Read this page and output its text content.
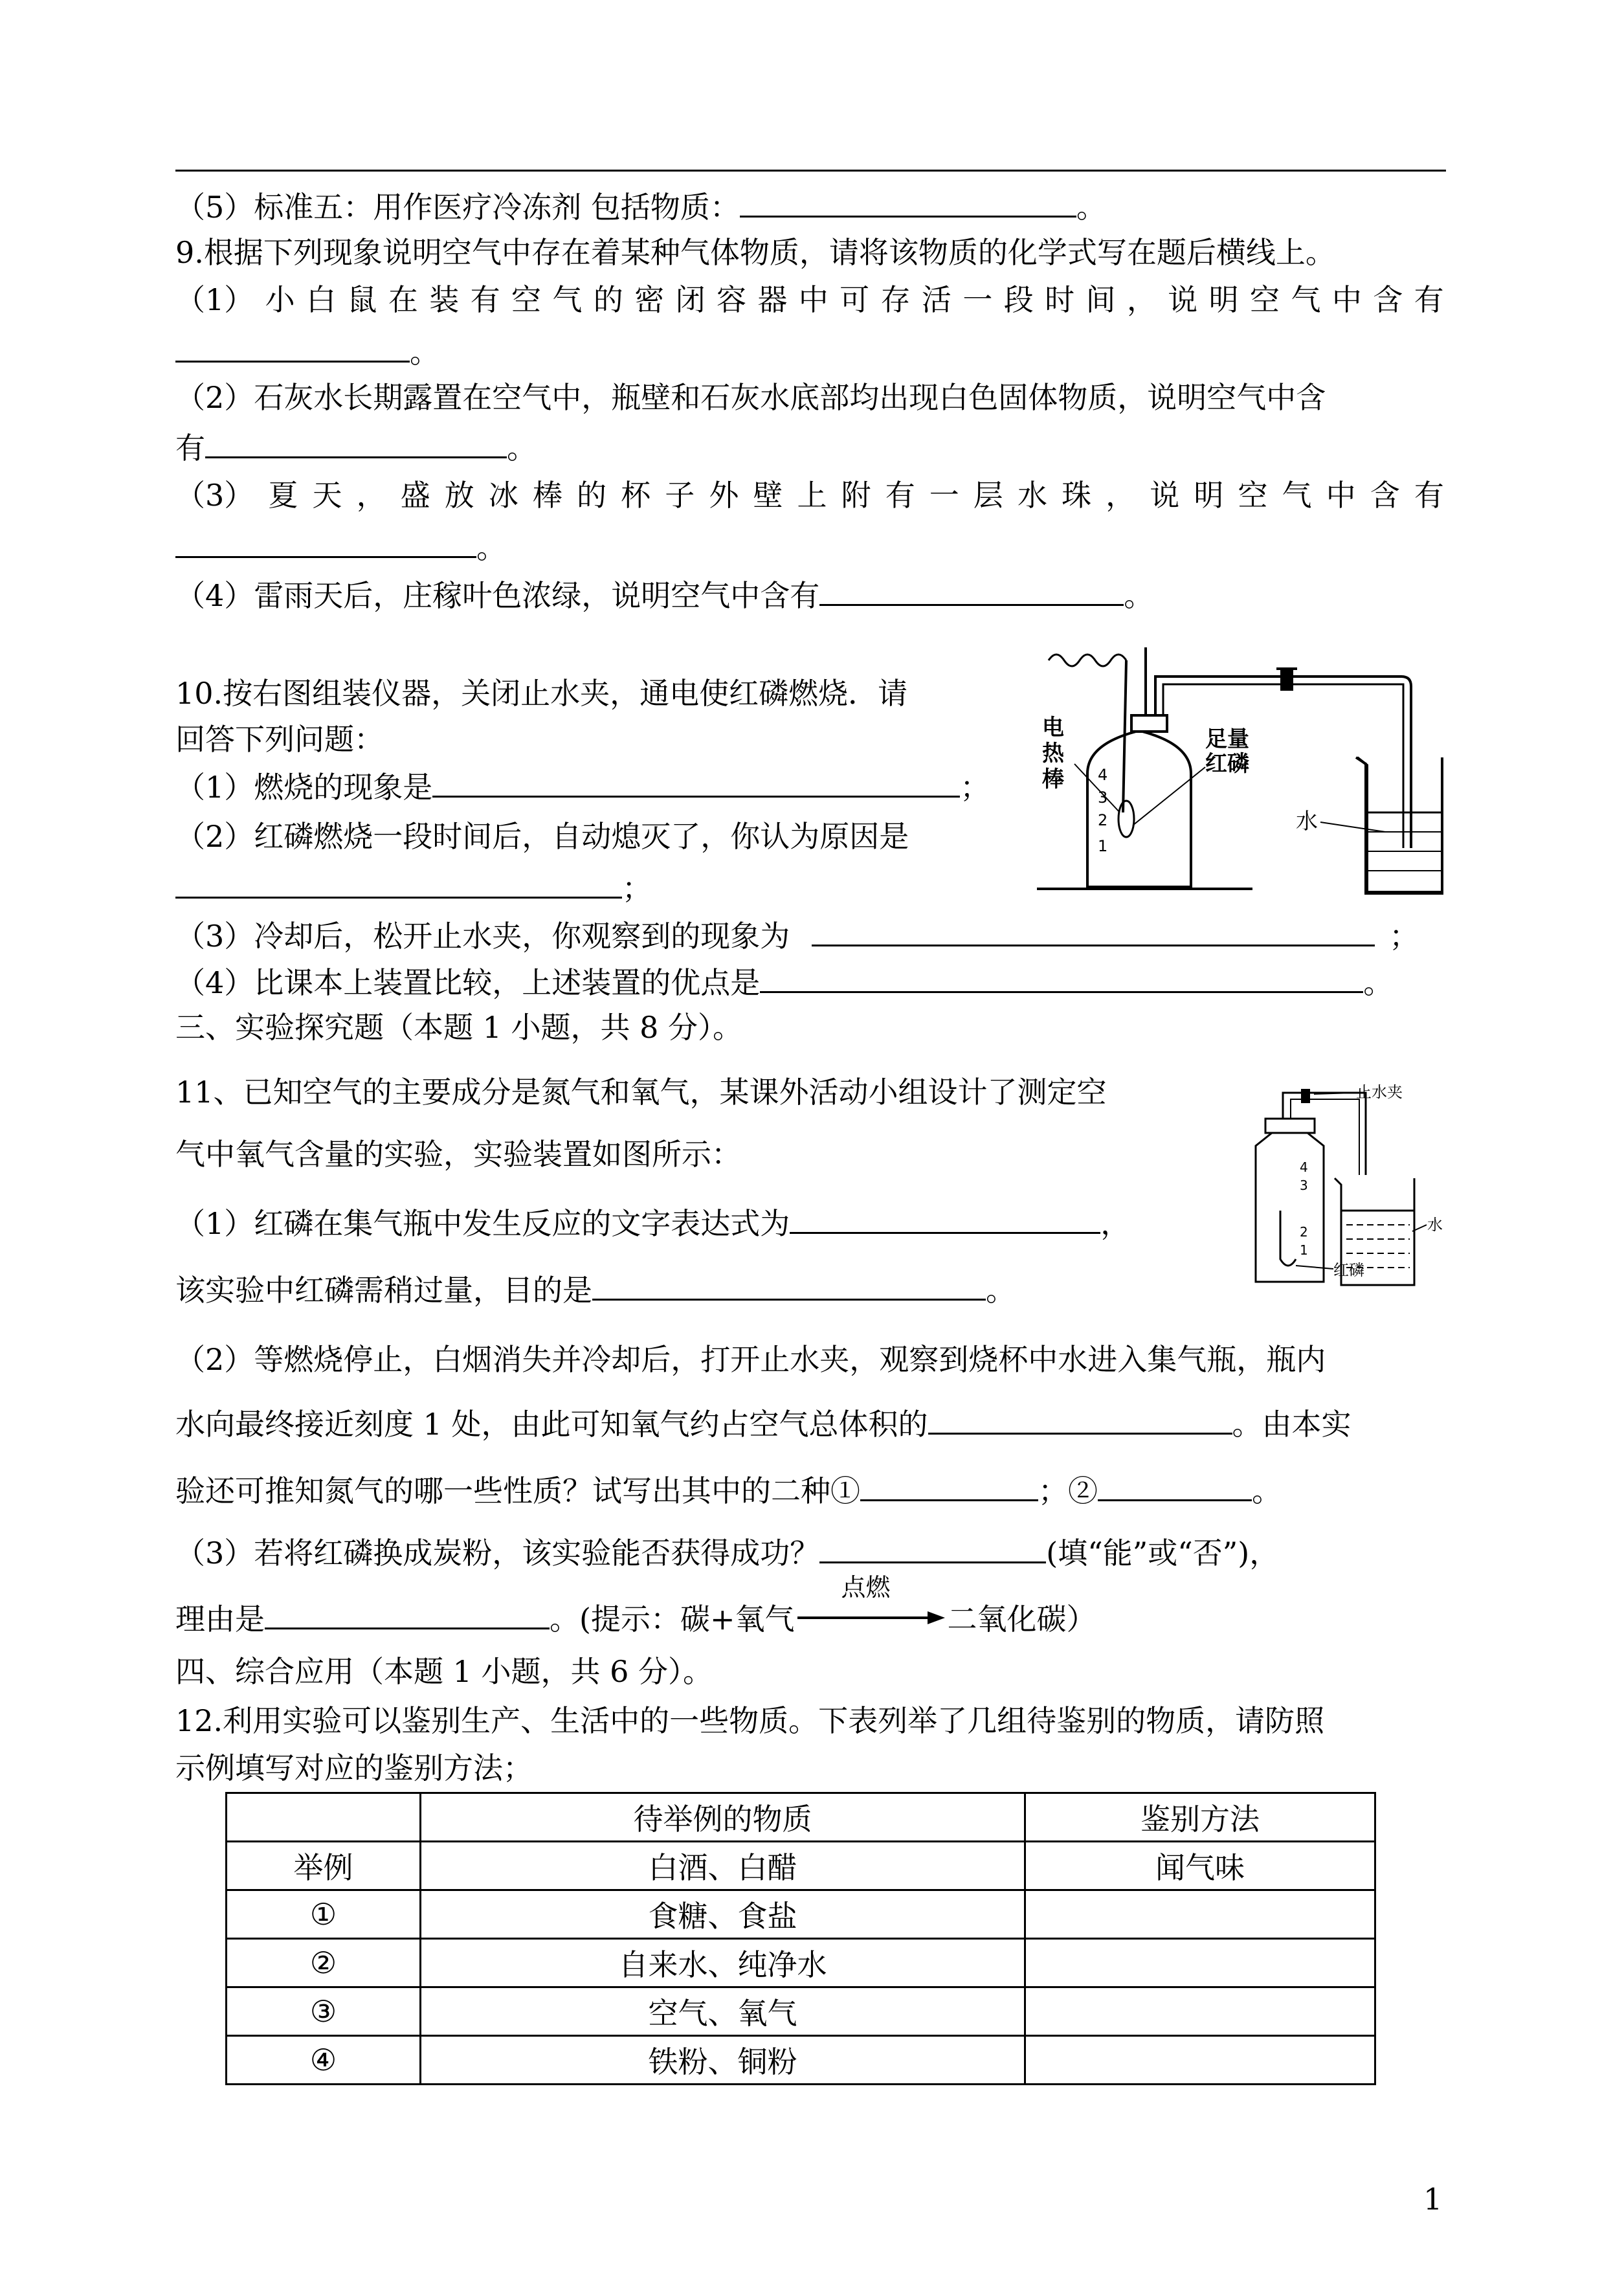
（5）标准五：用作医疗冷冻剂 包括物质：	。
9.根据下列现象说明空气中存在着某种气体物质，请将该物质的化学式写在题后横线上。
（1） 小 白 鼠 在 装 有 空 气 的 密 闭 容 器 中 可 存 活 一 段 时 间 ， 说 明 空 气 中 含 有
。
（2）石灰水长期露置在空气中，瓶壁和石灰水底部均出现白色固体物质，说明空气中含
有	。
（3） 夏 天 ， 盛 放 冰 棒 的 杯 子 外 壁 上 附 有 一 层 水 珠 ， 说 明 空 气 中 含 有
。
（4）雷雨天后，庄稼叶色浓绿，说明空气中含有	。
10.按右图组装仪器，关闭止水夹，通电使红磷燃烧．请
回答下列问题：
（1）燃烧的现象是	；
（2）红磷燃烧一段时间后，自动熄灭了，你认为原因是
；
（3）冷却后，松开止水夹，你观察到的现象为	；
（4）比课本上装置比较，上述装置的优点是	。
4
3
2
1
电
热
棒
足量
红磷
水
三、实验探究题（本题 1 小题，共 8 分）。
11、已知空气的主要成分是氮气和氧气，某课外活动小组设计了测定空
气中氧气含量的实验，实验装置如图所示：
（1）红磷在集气瓶中发生反应的文字表达式为	，
该实验中红磷需稍过量，目的是	。
（2）等燃烧停止，白烟消失并冷却后，打开止水夹，观察到烧杯中水进入集气瓶，瓶内
水向最终接近刻度 1 处，由此可知氧气约占空气总体积的	。由本实
验还可推知氮气的哪一些性质？试写出其中的二种①	；②	。
（3）若将红磷换成炭粉，该实验能否获得成功？	(填“能”或“否”)，
理由是	。(提示：碳+氧气
点燃
二氧化碳）
止水夹
4
3
2
1
红磷
水
四、综合应用（本题 1 小题，共 6 分）。
12.利用实验可以鉴别生产、生活中的一些物质。下表列举了几组待鉴别的物质，请防照
示例填写对应的鉴别方法；
	待举例的物质	鉴别方法
举例	白酒、白醋	闻气味
①	食糖、食盐	
②	自来水、纯净水	
③	空气、氧气	
④	铁粉、铜粉	
1
